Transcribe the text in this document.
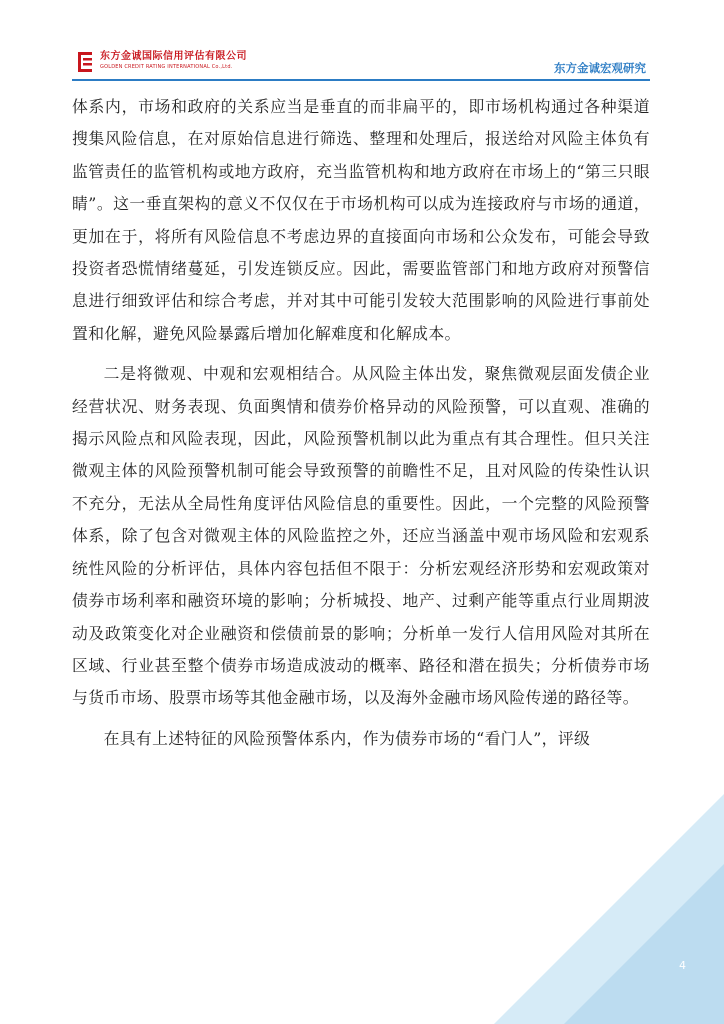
东方金诚国际信用评估有限公司
GOLDEN CREDIT RATING INTERNATIONAL Co.,Ltd.	东方金诚宏观研究

体系内，市场和政府的关系应当是垂直的而非扁平的，即市场机构通过各种渠道搜集风险信息，在对原始信息进行筛选、整理和处理后，报送给对风险主体负有监管责任的监管机构或地方政府，充当监管机构和地方政府在市场上的“第三只眼睛”。这一垂直架构的意义不仅仅在于市场机构可以成为连接政府与市场的通道，更加在于，将所有风险信息不考虑边界的直接面向市场和公众发布，可能会导致投资者恐慌情绪蔓延，引发连锁反应。因此，需要监管部门和地方政府对预警信息进行细致评估和综合考虑，并对其中可能引发较大范围影响的风险进行事前处置和化解，避免风险暴露后增加化解难度和化解成本。

二是将微观、中观和宏观相结合。从风险主体出发，聚焦微观层面发债企业经营状况、财务表现、负面舆情和债券价格异动的风险预警，可以直观、准确的揭示风险点和风险表现，因此，风险预警机制以此为重点有其合理性。但只关注微观主体的风险预警机制可能会导致预警的前瞻性不足，且对风险的传染性认识不充分，无法从全局性角度评估风险信息的重要性。因此，一个完整的风险预警体系，除了包含对微观主体的风险监控之外，还应当涵盖中观市场风险和宏观系统性风险的分析评估，具体内容包括但不限于：分析宏观经济形势和宏观政策对债券市场利率和融资环境的影响；分析城投、地产、过剩产能等重点行业周期波动及政策变化对企业融资和偿债前景的影响；分析单一发行人信用风险对其所在区域、行业甚至整个债券市场造成波动的概率、路径和潜在损失；分析债券市场与货币市场、股票市场等其他金融市场，以及海外金融市场风险传递的路径等。

在具有上述特征的风险预警体系内，作为债券市场的“看门人”，评级

4
